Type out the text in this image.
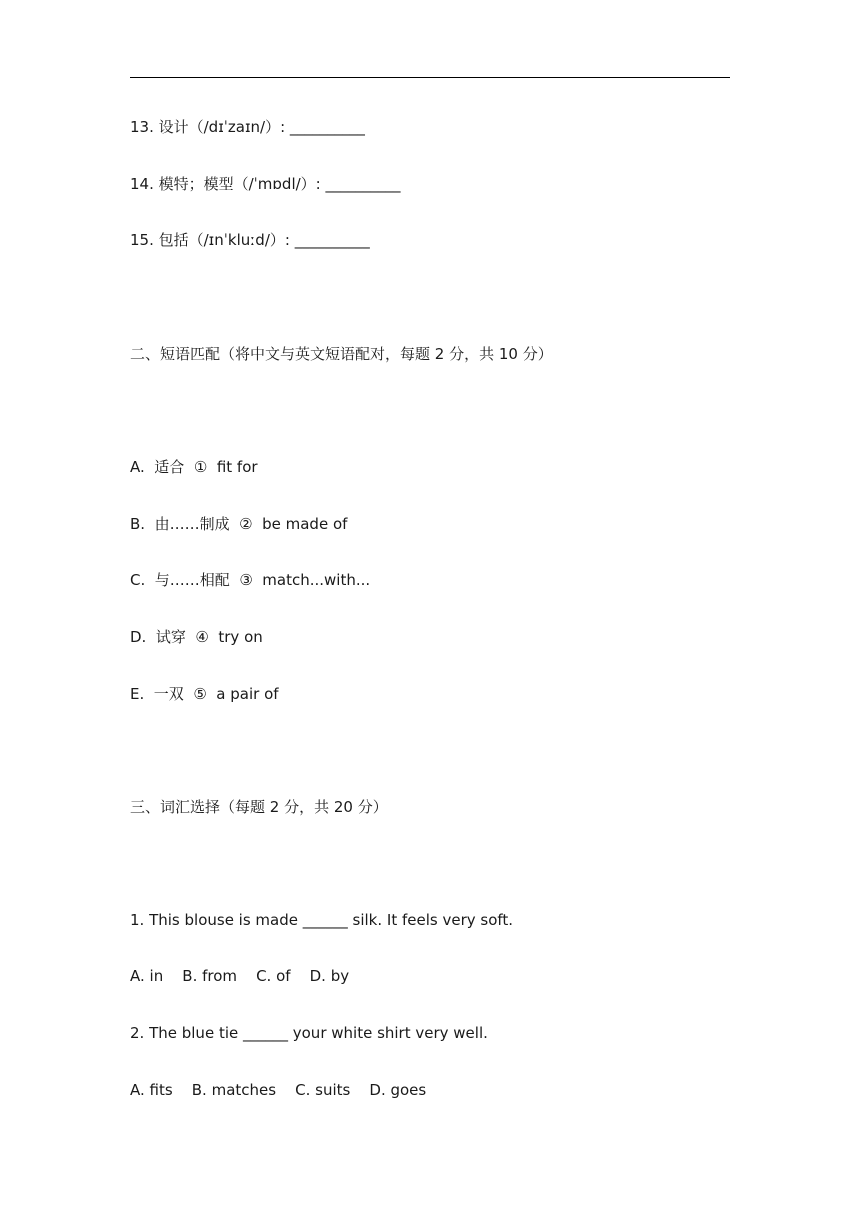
13. 设计（/dɪˈzaɪn/）: __________

14. 模特；模型（/ˈmɒdl/）: __________

15. 包括（/ɪnˈkluːd/）: __________

二、短语匹配（将中文与英文短语配对，每题 2 分，共 10 分）

A.  适合  ①  fit for

B.  由……制成  ②  be made of

C.  与……相配  ③  match...with...

D.  试穿  ④  try on

E.  一双  ⑤  a pair of

三、词汇选择（每题 2 分，共 20 分）

1. This blouse is made ______ silk. It feels very soft.

A. in    B. from    C. of    D. by

2. The blue tie ______ your white shirt very well.

A. fits    B. matches    C. suits    D. goes
